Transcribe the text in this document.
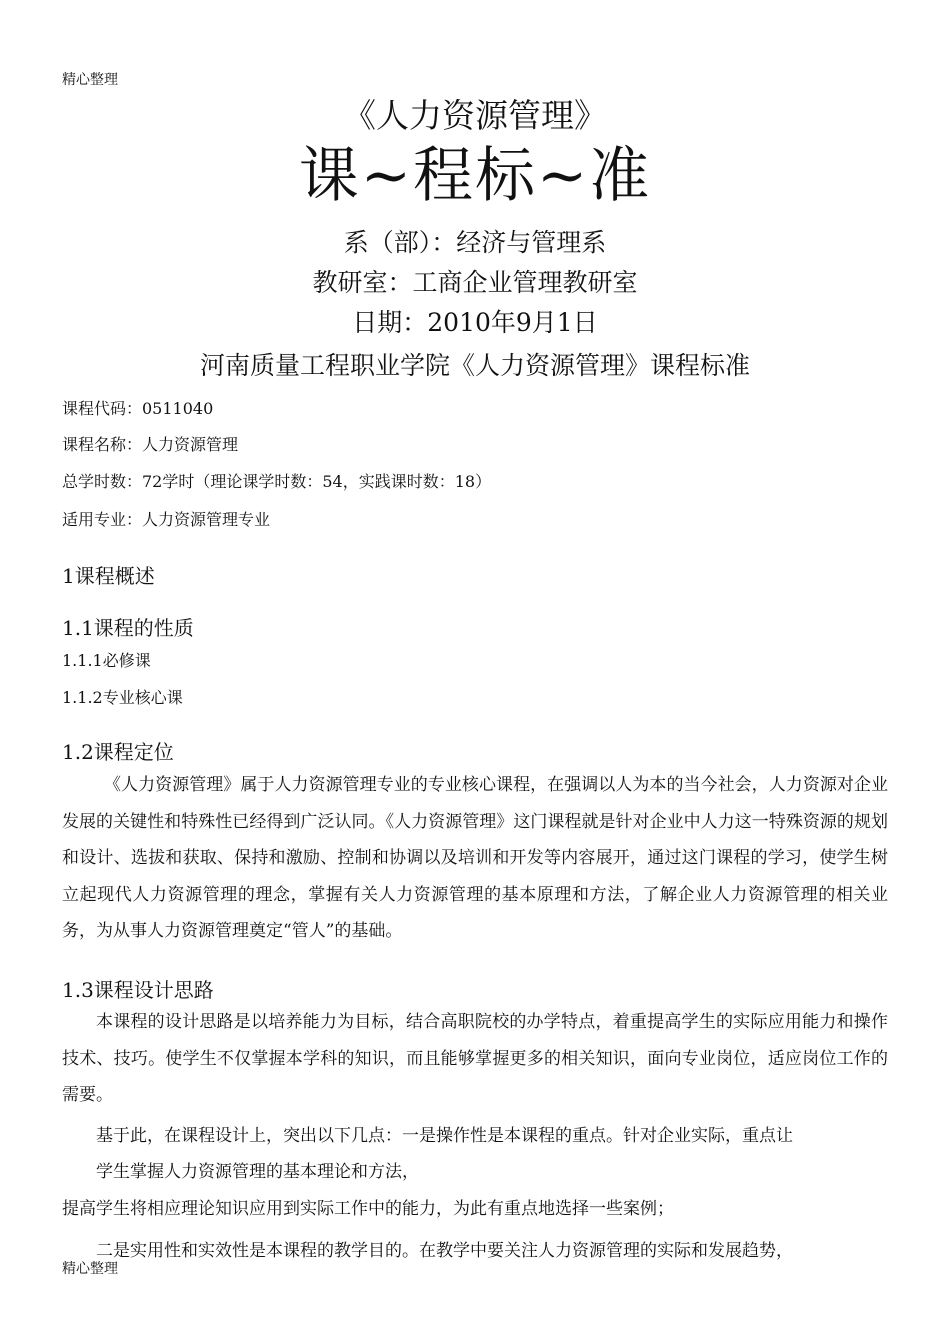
精心整理
《人力资源管理》
课~程标~准
系（部）：经济与管理系
教研室：工商企业管理教研室
日期：2010年9月1日
河南质量工程职业学院《人力资源管理》课程标准
课程代码：0511040
课程名称：人力资源管理
总学时数：72学时（理论课学时数：54，实践课时数：18）
适用专业：人力资源管理专业
1课程概述
1.1课程的性质
1.1.1必修课
1.1.2专业核心课
1.2课程定位

《人力资源管理》属于人力资源管理专业的专业核心课程，在强调以人为本的当今社会，人力资源对企业发展的关键性和特殊性已经得到广泛认同。《人力资源管理》这门课程就是针对企业中人力这一特殊资源的规划和设计、选拔和获取、保持和激励、控制和协调以及培训和开发等内容展开，通过这门课程的学习，使学生树立起现代人力资源管理的理念，掌握有关人力资源管理的基本原理和方法，了解企业人力资源管理的相关业务，为从事人力资源管理奠定“管人”的基础。

1.3课程设计思路

本课程的设计思路是以培养能力为目标，结合高职院校的办学特点，着重提高学生的实际应用能力和操作技术、技巧。使学生不仅掌握本学科的知识，而且能够掌握更多的相关知识，面向专业岗位，适应岗位工作的需要。

基于此，在课程设计上，突出以下几点：一是操作性是本课程的重点。针对企业实际，重点让
学生掌握人力资源管理的基本理论和方法，
提高学生将相应理论知识应用到实际工作中的能力，为此有重点地选择一些案例；
二是实用性和实效性是本课程的教学目的。在教学中要关注人力资源管理的实际和发展趋势，
精心整理
